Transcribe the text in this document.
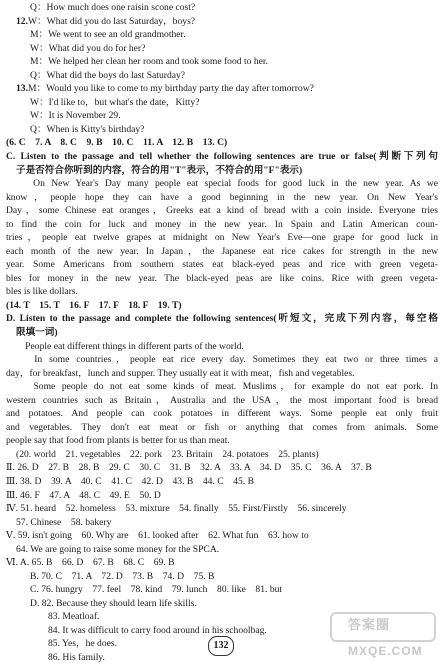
Q：How much does one raisin scone cost?
12.W：What did you do last Saturday，boys?
M：We went to see an old grandmother.
W：What did you do for her?
M：We helped her clean her room and took some food to her.
Q：What did the boys do last Saturday?
13.M：Would you like to come to my birthday party the day after tomorrow?
W：I'd like to，but what's the date，Kitty?
W：It is November 29.
Q：When is Kitty's birthday?
(6. C　7. A　8. C　9. B　10. C　11. A　12. B　13. C)
C. Listen to the passage and tell whether the following sentences are true or false(判断下列句
子是否符合你听到的内容，符合的用"T"表示，不符合的用"F"表示)
　　On New Year's Day many people eat special foods for good luck in the new year. As we
know，people hope they can have a good beginning in the new year. On New Year's
Day，some Chinese eat oranges，Greeks eat a kind of bread with a coin inside. Everyone tries
to find the coin for luck and money in the new year. In Spain and Latin American coun-
tries，people eat twelve grapes at midnight on New Year's Eve—one grape for good luck in
each month of the new year. In Japan，the Japanese eat rice cakes for strength in the new
year. Some Americans from southern states eat black-eyed peas and rice with green vegeta-
bles for money in the new year. The black-eyed peas are like coins. Rice with green vegeta-
bles is like dollars.
(14. T　15. T　16. F　17. F　18. F　19. T)
D. Listen to the passage and complete the following sentences(听短文，完成下列内容，每空格
限填一词)
　　People eat different things in different parts of the world.
　　In some countries，people eat rice every day. Sometimes they eat two or three times a
day，for breakfast，lunch and supper. They usually eat it with meat，fish and vegetables.
　　Some people do not eat some kinds of meat. Muslims，for example do not eat pork. In
western countries such as Britain，Australia and the USA，the most important food is bread
and potatoes. And people can cook potatoes in different ways. Some people eat only fruit
and vegetables. They don't eat meat or fish or anything that comes from animals. Some
people say that food from plants is better for us than meat.
(20. world　21. vegetables　22. pork　23. Britain　24. potatoes　25. plants)
Ⅱ. 26. D　27. B　28. B　29. C　30. C　31. B　32. A　33. A　34. D　35. C　36. A　37. B
Ⅲ. 38. D　39. A　40. C　41. C　42. D　43. B　44. C　45. B
Ⅲ. 46. F　47. A　48. C　49. E　50. D
Ⅳ. 51. heard　52. homeless　53. mixture　54. finally　55. First/Firstly　56. sincerely
57. Chinese　58. bakery
Ⅴ. 59. isn't going　60. Why are　61. looked after　62. What fun　63. how to
64. We are going to raise some money for the SPCA.
Ⅵ. A. 65. B　66. D　67. B　68. C　69. B
B. 70. C　71. A　72. D　73. B　74. D　75. B
C. 76. hungry　77. feel　78. kind　79. lunch　80. like　81. but
D. 82. Because they should learn life skills.
83. Meatloaf.
84. It was difficult to carry food around in his schoolbag.
85. Yes，he does.
86. His family.
132
答案圈
MXQE.COM
